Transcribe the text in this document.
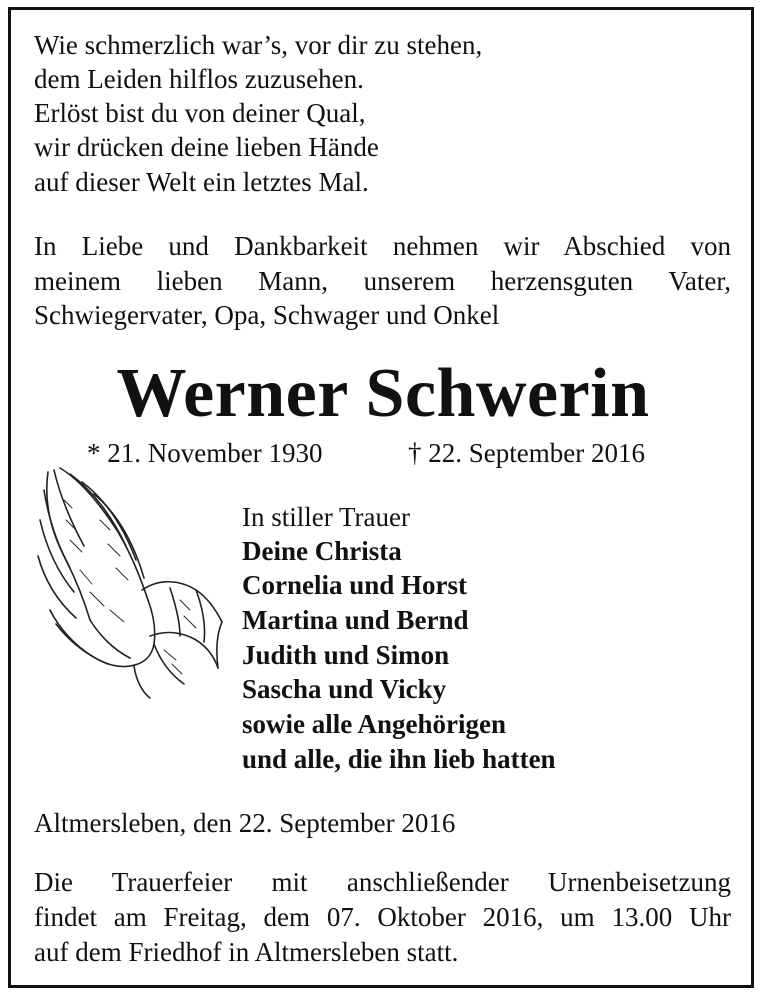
Wie schmerzlich war’s, vor dir zu stehen,
dem Leiden hilflos zuzusehen.
Erlöst bist du von deiner Qual,
wir drücken deine lieben Hände
auf dieser Welt ein letztes Mal.
In Liebe und Dankbarkeit nehmen wir Abschied von
meinem lieben Mann, unserem herzensguten Vater,
Schwiegervater, Opa, Schwager und Onkel
Werner Schwerin
* 21. November 1930	† 22. September 2016
In stiller Trauer
Deine Christa
Cornelia und Horst
Martina und Bernd
Judith und Simon
Sascha und Vicky
sowie alle Angehörigen
und alle, die ihn lieb hatten
Altmersleben, den 22. September 2016
Die Trauerfeier mit anschließender Urnenbeisetzung
findet am Freitag, dem 07. Oktober 2016, um 13.00 Uhr
auf dem Friedhof in Altmersleben statt.
